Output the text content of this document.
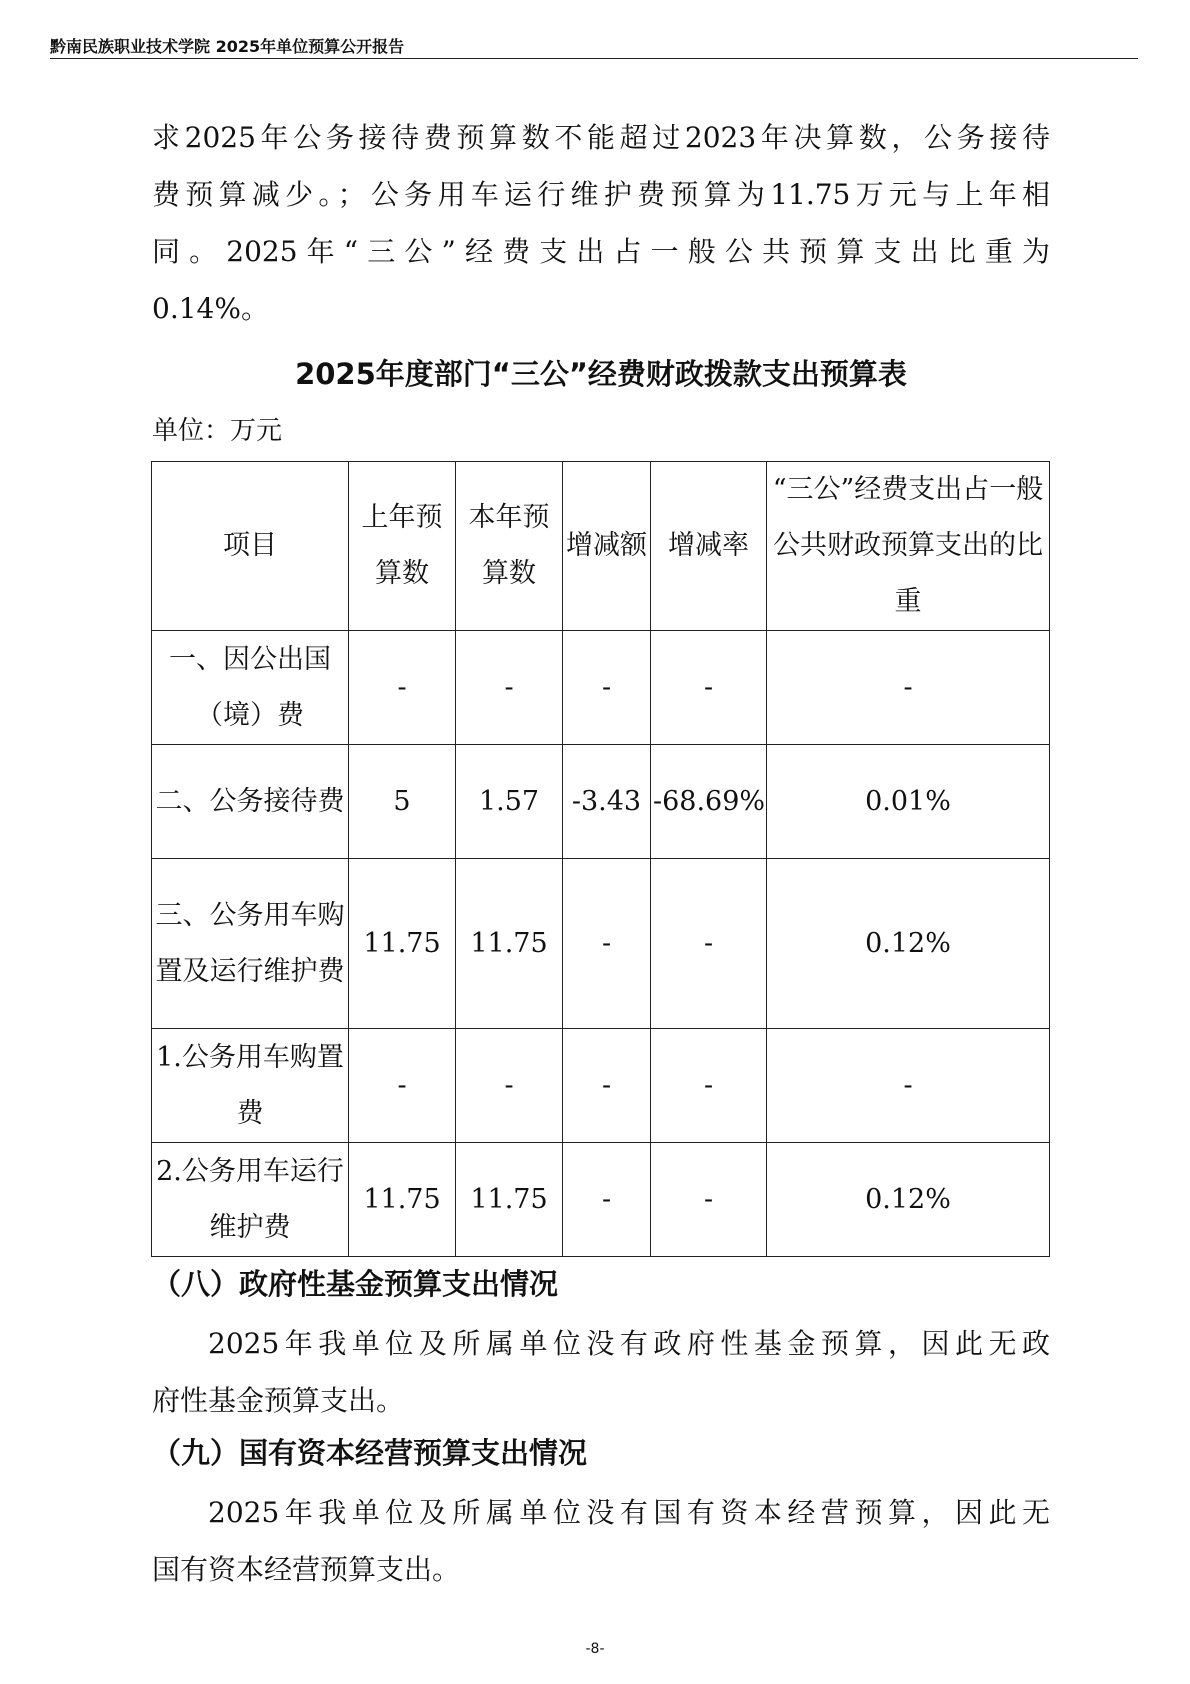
黔南民族职业技术学院 2025年单位预算公开报告
求2025年公务接待费预算数不能超过2023年决算数，公务接待
费预算减少。；公务用车运行维护费预算为11.75万元与上年相
同。2025年“三公”经费支出占一般公共预算支出比重为
0.14%。
2025年度部门“三公”经费财政拨款支出预算表
单位：万元
项目	上年预算数	本年预算数	增减额	增减率	“三公”经费支出占一般公共财政预算支出的比重
一、因公出国（境）费	-	-	-	-	-
二、公务接待费	5	1.57	-3.43	-68.69%	0.01%
三、公务用车购置及运行维护费	11.75	11.75	-	-	0.12%
1.公务用车购置费	-	-	-	-	-
2.公务用车运行维护费	11.75	11.75	-	-	0.12%
（八）政府性基金预算支出情况
2025年我单位及所属单位没有政府性基金预算，因此无政
府性基金预算支出。
（九）国有资本经营预算支出情况
2025年我单位及所属单位没有国有资本经营预算，因此无
国有资本经营预算支出。
-8-
